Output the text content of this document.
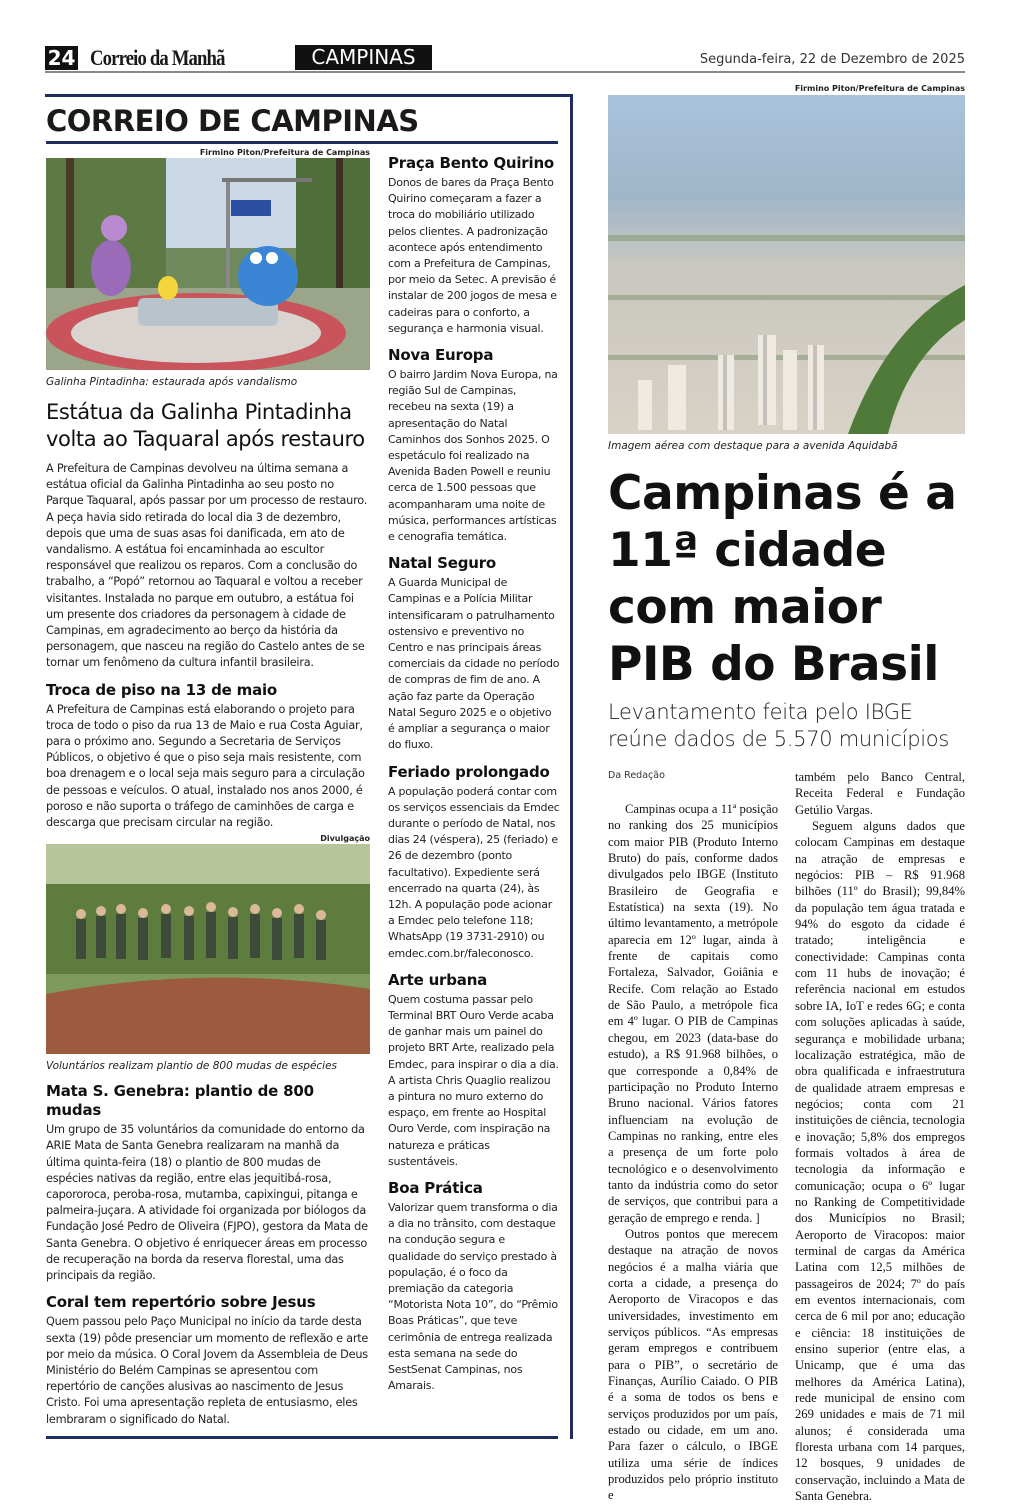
24 Correio da Manhã	CAMPINAS	Segunda-feira, 22 de Dezembro de 2025
CORREIO DE CAMPINAS
Firmino Piton/Prefeitura de Campinas
Galinha Pintadinha: estaurada após vandalismo
Estátua da Galinha Pintadinha volta ao Taquaral após restauro
A Prefeitura de Campinas devolveu na última semana a estátua oficial da Galinha Pintadinha ao seu posto no Parque Taquaral, após passar por um processo de restauro. A peça havia sido retirada do local dia 3 de dezembro, depois que uma de suas asas foi danificada, em ato de vandalismo. A estátua foi encaminhada ao escultor responsável que realizou os reparos. Com a conclusão do trabalho, a “Popó” retornou ao Taquaral e voltou a receber visitantes. Instalada no parque em outubro, a estátua foi um presente dos criadores da personagem à cidade de Campinas, em agradecimento ao berço da história da personagem, que nasceu na região do Castelo antes de se tornar um fenômeno da cultura infantil brasileira.
Troca de piso na 13 de maio
A Prefeitura de Campinas está elaborando o projeto para troca de todo o piso da rua 13 de Maio e rua Costa Aguiar, para o próximo ano. Segundo a Secretaria de Serviços Públicos, o objetivo é que o piso seja mais resistente, com boa drenagem e o local seja mais seguro para a circulação de pessoas e veículos. O atual, instalado nos anos 2000, é poroso e não suporta o tráfego de caminhões de carga e descarga que precisam circular na região.
Divulgação
Voluntários realizam plantio de 800 mudas de espécies
Mata S. Genebra: plantio de 800 mudas
Um grupo de 35 voluntários da comunidade do entorno da ARIE Mata de Santa Genebra realizaram na manhã da última quinta-feira (18) o plantio de 800 mudas de espécies nativas da região, entre elas jequitibá-rosa, capororoca, peroba-rosa, mutamba, capixingui, pitanga e palmeira-juçara. A atividade foi organizada por biólogos da Fundação José Pedro de Oliveira (FJPO), gestora da Mata de Santa Genebra. O objetivo é enriquecer áreas em processo de recuperação na borda da reserva florestal, uma das principais da região.
Coral tem repertório sobre Jesus
Quem passou pelo Paço Municipal no início da tarde desta sexta (19) pôde presenciar um momento de reflexão e arte por meio da música. O Coral Jovem da Assembleia de Deus Ministério do Belém Campinas se apresentou com repertório de canções alusivas ao nascimento de Jesus Cristo. Foi uma apresentação repleta de entusiasmo, eles lembraram o significado do Natal.
Praça Bento Quirino
Donos de bares da Praça Bento Quirino começaram a fazer a troca do mobiliário utilizado pelos clientes. A padronização acontece após entendimento com a Prefeitura de Campinas, por meio da Setec. A previsão é instalar de 200 jogos de mesa e cadeiras para o conforto, a segurança e harmonia visual.
Nova Europa
O bairro Jardim Nova Europa, na região Sul de Campinas, recebeu na sexta (19) a apresentação do Natal Caminhos dos Sonhos 2025. O espetáculo foi realizado na Avenida Baden Powell e reuniu cerca de 1.500 pessoas que acompanharam uma noite de música, performances artísticas e cenografia temática.
Natal Seguro
A Guarda Municipal de Campinas e a Polícia Militar intensificaram o patrulhamento ostensivo e preventivo no Centro e nas principais áreas comerciais da cidade no período de compras de fim de ano. A ação faz parte da Operação Natal Seguro 2025 e o objetivo é ampliar a segurança o maior do fluxo.
Feriado prolongado
A população poderá contar com os serviços essenciais da Emdec durante o período de Natal, nos dias 24 (véspera), 25 (feriado) e 26 de dezembro (ponto facultativo). Expediente será encerrado na quarta (24), às 12h. A população pode acionar a Emdec pelo telefone 118; WhatsApp (19 3731-2910) ou emdec.com.br/faleconosco.
Arte urbana
Quem costuma passar pelo Terminal BRT Ouro Verde acaba de ganhar mais um painel do projeto BRT Arte, realizado pela Emdec, para inspirar o dia a dia. A artista Chris Quaglio realizou a pintura no muro externo do espaço, em frente ao Hospital Ouro Verde, com inspiração na natureza e práticas sustentáveis.
Boa Prática
Valorizar quem transforma o dia a dia no trânsito, com destaque na condução segura e qualidade do serviço prestado à população, é o foco da premiação da categoria “Motorista Nota 10”, do “Prêmio Boas Práticas”, que teve cerimônia de entrega realizada esta semana na sede do SestSenat Campinas, nos Amarais.
Firmino Piton/Prefeitura de Campinas
Imagem aérea com destaque para a avenida Aquidabã
Campinas é a 11ª cidade com maior PIB do Brasil
Levantamento feita pelo IBGE reúne dados de 5.570 municípios
Da Redação

Campinas ocupa a 11ª posição no ranking dos 25 municípios com maior PIB (Produto Interno Bruto) do país, conforme dados divulgados pelo IBGE (Instituto Brasileiro de Geografia e Estatística) na sexta (19). No último levantamento, a metrópole aparecia em 12º lugar, ainda à frente de capitais como Fortaleza, Salvador, Goiânia e Recife. Com relação ao Estado de São Paulo, a metrópole fica em 4º lugar. O PIB de Campinas chegou, em 2023 (data-base do estudo), a R$ 91.968 bilhões, o que corresponde a 0,84% de participação no Produto Interno Bruno nacional. Vários fatores influenciam na evolução de Campinas no ranking, entre eles a presença de um forte polo tecnológico e o desenvolvimento tanto da indústria como do setor de serviços, que contribui para a geração de emprego e renda. ]

Outros pontos que merecem destaque na atração de novos negócios é a malha viária que corta a cidade, a presença do Aeroporto de Viracopos e das universidades, investimento em serviços públicos. “As empresas geram empregos e contribuem para o PIB”, o secretário de Finanças, Aurílio Caiado. O PIB é a soma de todos os bens e serviços produzidos por um país, estado ou cidade, em um ano. Para fazer o cálculo, o IBGE utiliza uma série de índices produzidos pelo próprio instituto e

também pelo Banco Central, Receita Federal e Fundação Getúlio Vargas.

Seguem alguns dados que colocam Campinas em destaque na atração de empresas e negócios: PIB – R$ 91.968 bilhões (11º do Brasil); 99,84% da população tem água tratada e 94% do esgoto da cidade é tratado; inteligência e conectividade: Campinas conta com 11 hubs de inovação; é referência nacional em estudos sobre IA, IoT e redes 6G; e conta com soluções aplicadas à saúde, segurança e mobilidade urbana; localização estratégica, mão de obra qualificada e infraestrutura de qualidade atraem empresas e negócios; conta com 21 instituições de ciência, tecnologia e inovação; 5,8% dos empregos formais voltados à área de tecnologia da informação e comunicação; ocupa o 6º lugar no Ranking de Competitividade dos Municípios no Brasil; Aeroporto de Viracopos: maior terminal de cargas da América Latina com 12,5 milhões de passageiros de 2024; 7º do país em eventos internacionais, com cerca de 6 mil por ano; educação e ciência: 18 instituições de ensino superior (entre elas, a Unicamp, que é uma das melhores da América Latina), rede municipal de ensino com 269 unidades e mais de 71 mil alunos; é considerada uma floresta urbana com 14 parques, 12 bosques, 9 unidades de conservação, incluindo a Mata de Santa Genebra.
